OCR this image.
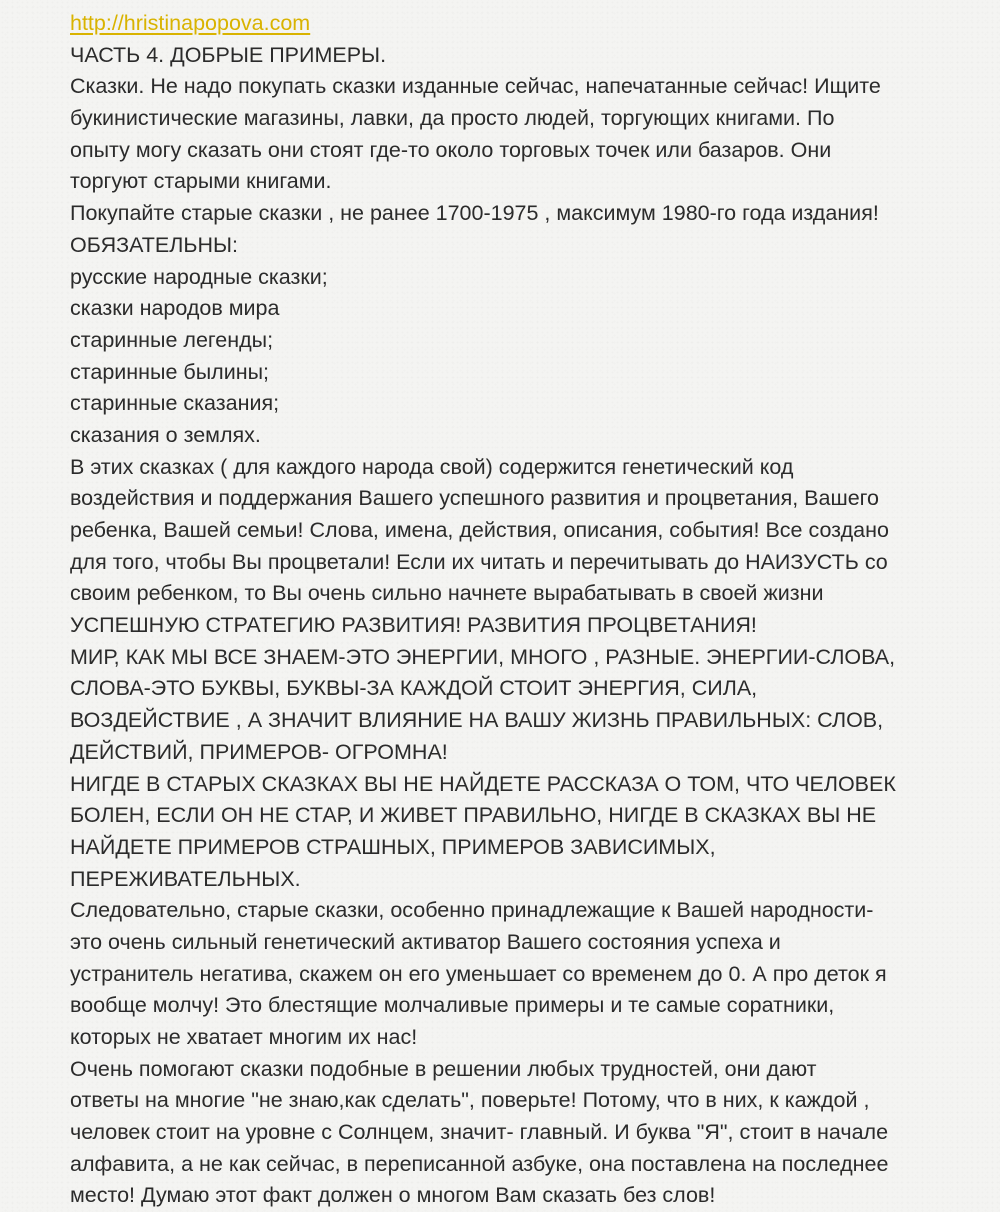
http://hristinapopova.com
ЧАСТЬ 4. ДОБРЫЕ ПРИМЕРЫ.
Сказки. Не надо покупать сказки изданные сейчас, напечатанные сейчас! Ищите
букинистические магазины, лавки, да просто людей, торгующих книгами. По
опыту могу сказать они стоят где-то около торговых точек или базаров. Они
торгуют старыми книгами.
Покупайте старые сказки , не ранее 1700-1975 , максимум 1980-го года издания!
ОБЯЗАТЕЛЬНЫ:
русские народные сказки;
сказки народов мира
старинные легенды;
старинные былины;
старинные сказания;
сказания о землях.
В этих сказках ( для каждого народа свой) содержится генетический код
воздействия и поддержания Вашего успешного развития и процветания, Вашего
ребенка, Вашей семьи! Слова, имена, действия, описания, события! Все создано
для того, чтобы Вы процветали! Если их читать и перечитывать до НАИЗУСТЬ со
своим ребенком, то Вы очень сильно начнете вырабатывать в своей жизни
УСПЕШНУЮ СТРАТЕГИЮ РАЗВИТИЯ! РАЗВИТИЯ ПРОЦВЕТАНИЯ!
МИР, КАК МЫ ВСЕ ЗНАЕМ-ЭТО ЭНЕРГИИ, МНОГО , РАЗНЫЕ. ЭНЕРГИИ-СЛОВА,
СЛОВА-ЭТО БУКВЫ, БУКВЫ-ЗА КАЖДОЙ СТОИТ ЭНЕРГИЯ, СИЛА,
ВОЗДЕЙСТВИЕ , А ЗНАЧИТ ВЛИЯНИЕ НА ВАШУ ЖИЗНЬ ПРАВИЛЬНЫХ: СЛОВ,
ДЕЙСТВИЙ, ПРИМЕРОВ- ОГРОМНА!
НИГДЕ В СТАРЫХ СКАЗКАХ ВЫ НЕ НАЙДЕТЕ РАССКАЗА О ТОМ, ЧТО ЧЕЛОВЕК
БОЛЕН, ЕСЛИ ОН НЕ СТАР, И ЖИВЕТ ПРАВИЛЬНО, НИГДЕ В СКАЗКАХ ВЫ НЕ
НАЙДЕТЕ ПРИМЕРОВ СТРАШНЫХ, ПРИМЕРОВ ЗАВИСИМЫХ,
ПЕРЕЖИВАТЕЛЬНЫХ.
Следовательно, старые сказки, особенно принадлежащие к Вашей народности-
это очень сильный генетический активатор Вашего состояния успеха и
устранитель негатива, скажем он его уменьшает со временем до 0. А про деток я
вообще молчу! Это блестящие молчаливые примеры и те самые соратники,
которых не хватает многим их нас!
Очень помогают сказки подобные в решении любых трудностей, они дают
ответы на многие "не знаю,как сделать", поверьте! Потому, что в них, к каждой ,
человек стоит на уровне с Солнцем, значит- главный. И буква "Я", стоит в начале
алфавита, а не как сейчас, в переписанной азбуке, она поставлена на последнее
место! Думаю этот факт должен о многом Вам сказать без слов!
